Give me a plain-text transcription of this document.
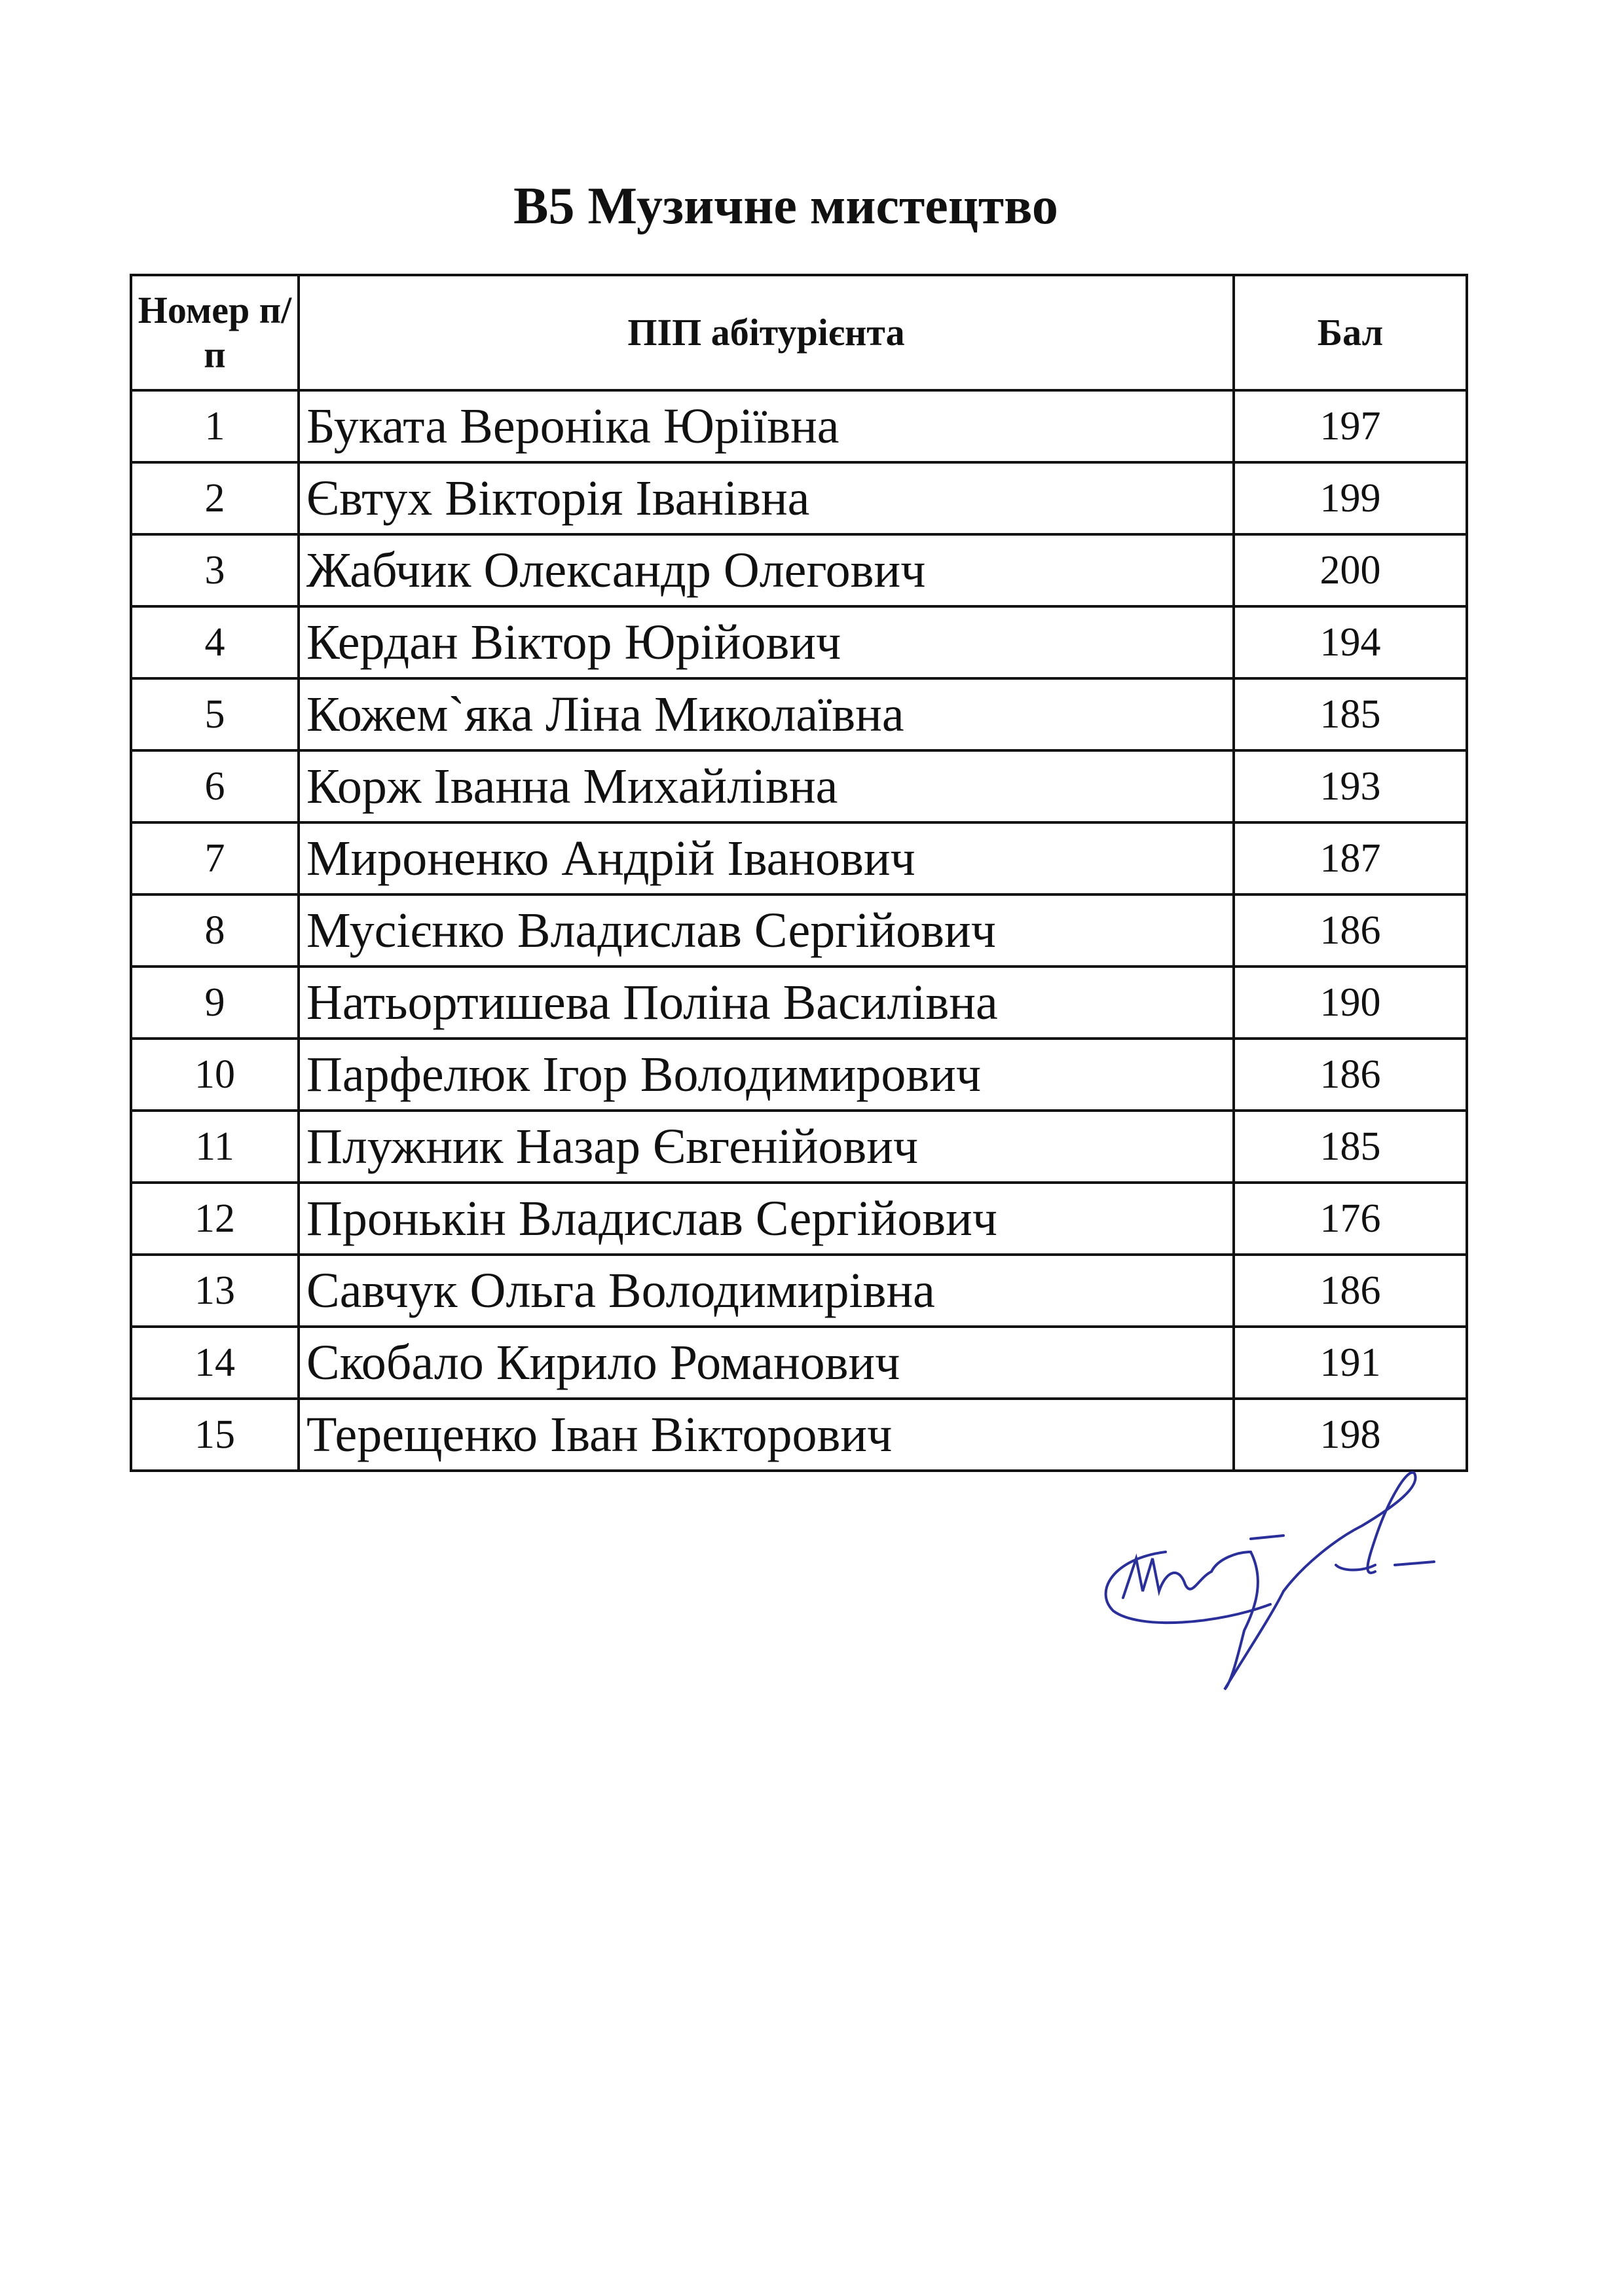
В5 Музичне мистецтво
Номер п/п	ПІП абітурієнта	Бал
1	Буката Вероніка Юріївна	197
2	Євтух Вікторія Іванівна	199
3	Жабчик Олександр Олегович	200
4	Кердан Віктор Юрійович	194
5	Кожем`яка Ліна Миколаївна	185
6	Корж Іванна Михайлівна	193
7	Мироненко Андрій Іванович	187
8	Мусієнко Владислав Сергійович	186
9	Натьортишева Поліна Василівна	190
10	Парфелюк Ігор Володимирович	186
11	Плужник Назар Євгенійович	185
12	Пронькін Владислав Сергійович	176
13	Савчук Ольга Володимирівна	186
14	Скобало Кирило Романович	191
15	Терещенко Іван Вікторович	198
